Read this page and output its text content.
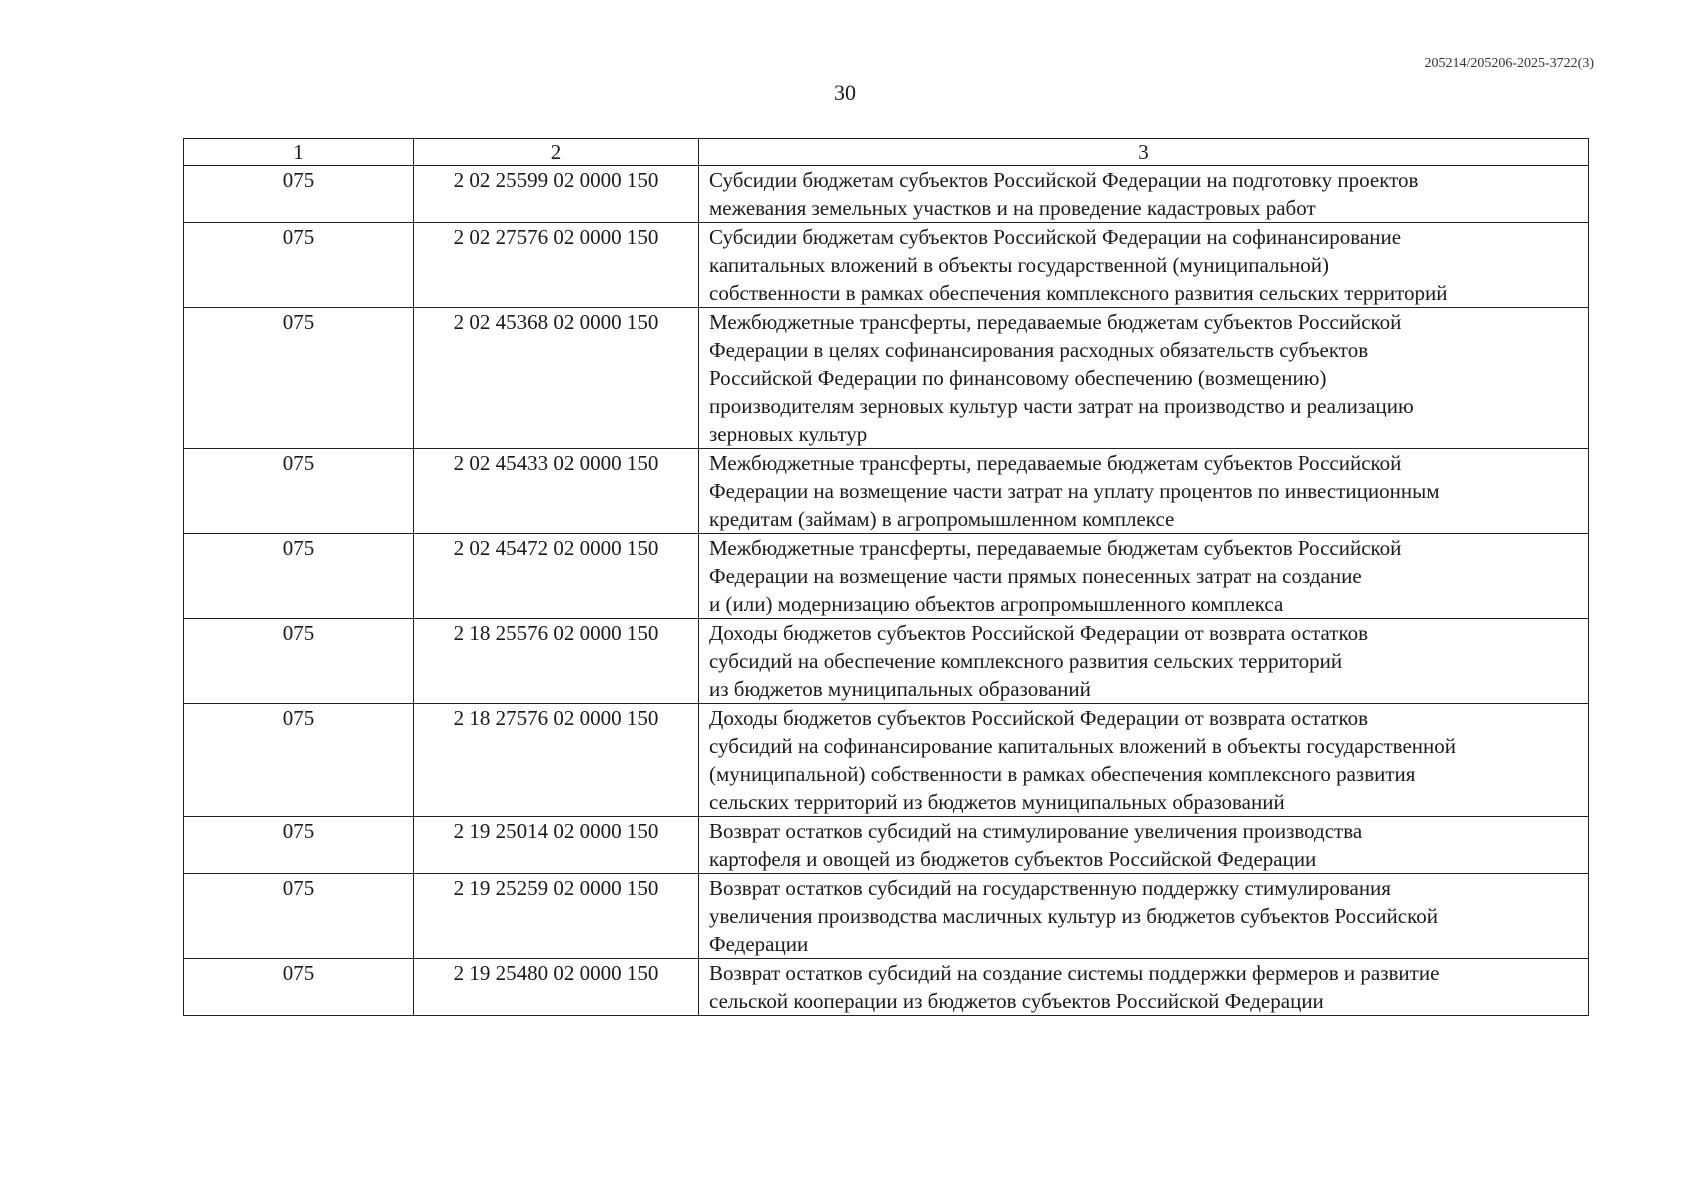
205214/205206-2025-3722(3)
30
1	2	3
075	2 02 25599 02 0000 150	Субсидии бюджетам субъектов Российской Федерации на подготовку проектов
межевания земельных участков и на проведение кадастровых работ
075	2 02 27576 02 0000 150	Субсидии бюджетам субъектов Российской Федерации на софинансирование
капитальных вложений в объекты государственной (муниципальной)
собственности в рамках обеспечения комплексного развития сельских территорий

075	2 02 45368 02 0000 150	Межбюджетные трансферты, передаваемые бюджетам субъектов Российской
Федерации в целях софинансирования расходных обязательств субъектов
Российской Федерации по финансовому обеспечению (возмещению)
производителям зерновых культур части затрат на производство и реализацию
зерновых культур
075	2 02 45433 02 0000 150	Межбюджетные трансферты, передаваемые бюджетам субъектов Российской
Федерации на возмещение части затрат на уплату процентов по инвестиционным
кредитам (займам) в агропромышленном комплексе
075	2 02 45472 02 0000 150	Межбюджетные трансферты, передаваемые бюджетам субъектов Российской
Федерации на возмещение части прямых понесенных затрат на создание
и (или) модернизацию объектов агропромышленного комплекса
075	2 18 25576 02 0000 150	Доходы бюджетов субъектов Российской Федерации от возврата остатков
субсидий на обеспечение комплексного развития сельских территорий
из бюджетов муниципальных образований
075	2 18 27576 02 0000 150	Доходы бюджетов субъектов Российской Федерации от возврата остатков
субсидий на софинансирование капитальных вложений в объекты государственной
(муниципальной) собственности в рамках обеспечения комплексного развития
сельских территорий из бюджетов муниципальных образований
075	2 19 25014 02 0000 150	Возврат остатков субсидий на стимулирование увеличения производства
картофеля и овощей из бюджетов субъектов Российской Федерации
075	2 19 25259 02 0000 150	Возврат остатков субсидий на государственную поддержку стимулирования
увеличения производства масличных культур из бюджетов субъектов Российской
Федерации
075	2 19 25480 02 0000 150	Возврат остатков субсидий на создание системы поддержки фермеров и развитие
сельской кооперации из бюджетов субъектов Российской Федерации
